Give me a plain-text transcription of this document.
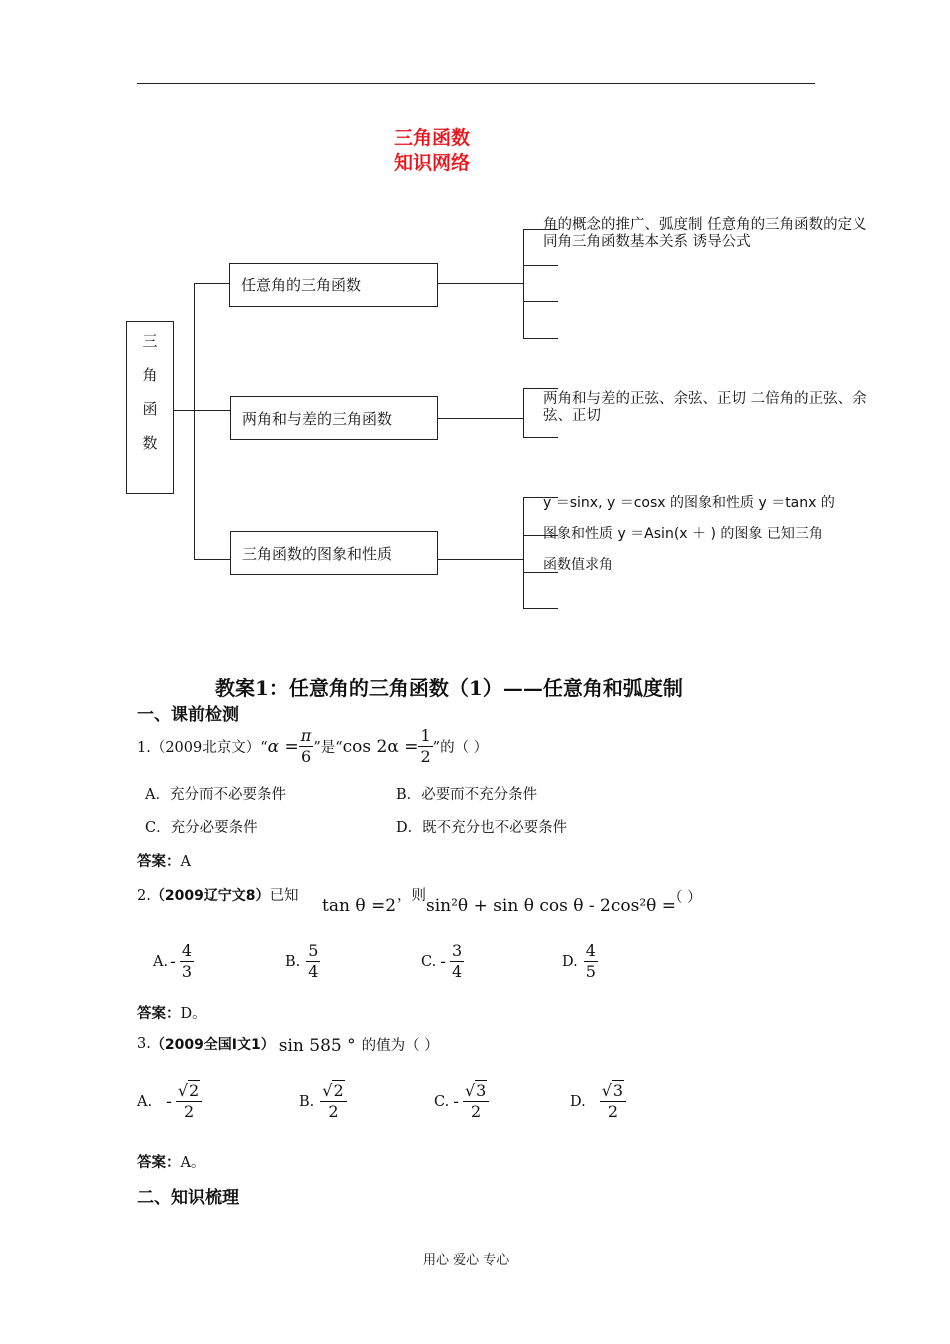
三角函数
知识网络
三
角
函
数
任意角的三角函数
两角和与差的三角函数
三角函数的图象和性质
角的概念的推广、弧度制 任意角的三角函数的定义 同角三角函数基本关系 诱导公式
两角和与差的正弦、余弦、正切 二倍角的正弦、余弦、正切
y ＝sinx, y ＝cosx 的图象和性质 y ＝tanx 的
图象和性质 y ＝Asin(x ＋ ) 的图象 已知三角
函数值求角
教案1：任意角的三角函数（1）——任意角和弧度制
一、课前检测
1.（2009北京文）“ $\alpha = \frac{\pi}{6}$ ”是“ $\cos 2\alpha = \frac{1}{2}$ ”的（ ）
A．充分而不必要条件	B．必要而不充分条件
C．充分必要条件	D．既不充分也不必要条件
答案：A
2.（2009辽宁文8）已知 tan θ =2 ，则 sin²θ + sin θ cos θ - 2cos²θ =
（ ）
A. - $\frac{4}{3}$	B. $\frac{5}{4}$	C. - $\frac{3}{4}$	D. $\frac{4}{5}$
答案：D。
3. （2009全国Ⅰ文1） sin 585 ° 的值为（ ）
A. - $\frac{√2}{2}$	B. $\frac{√2}{2}$	C. - $\frac{√3}{2}$	D. $\frac{√3}{2}$
答案：A。
二、知识梳理
用心 爱心 专心
